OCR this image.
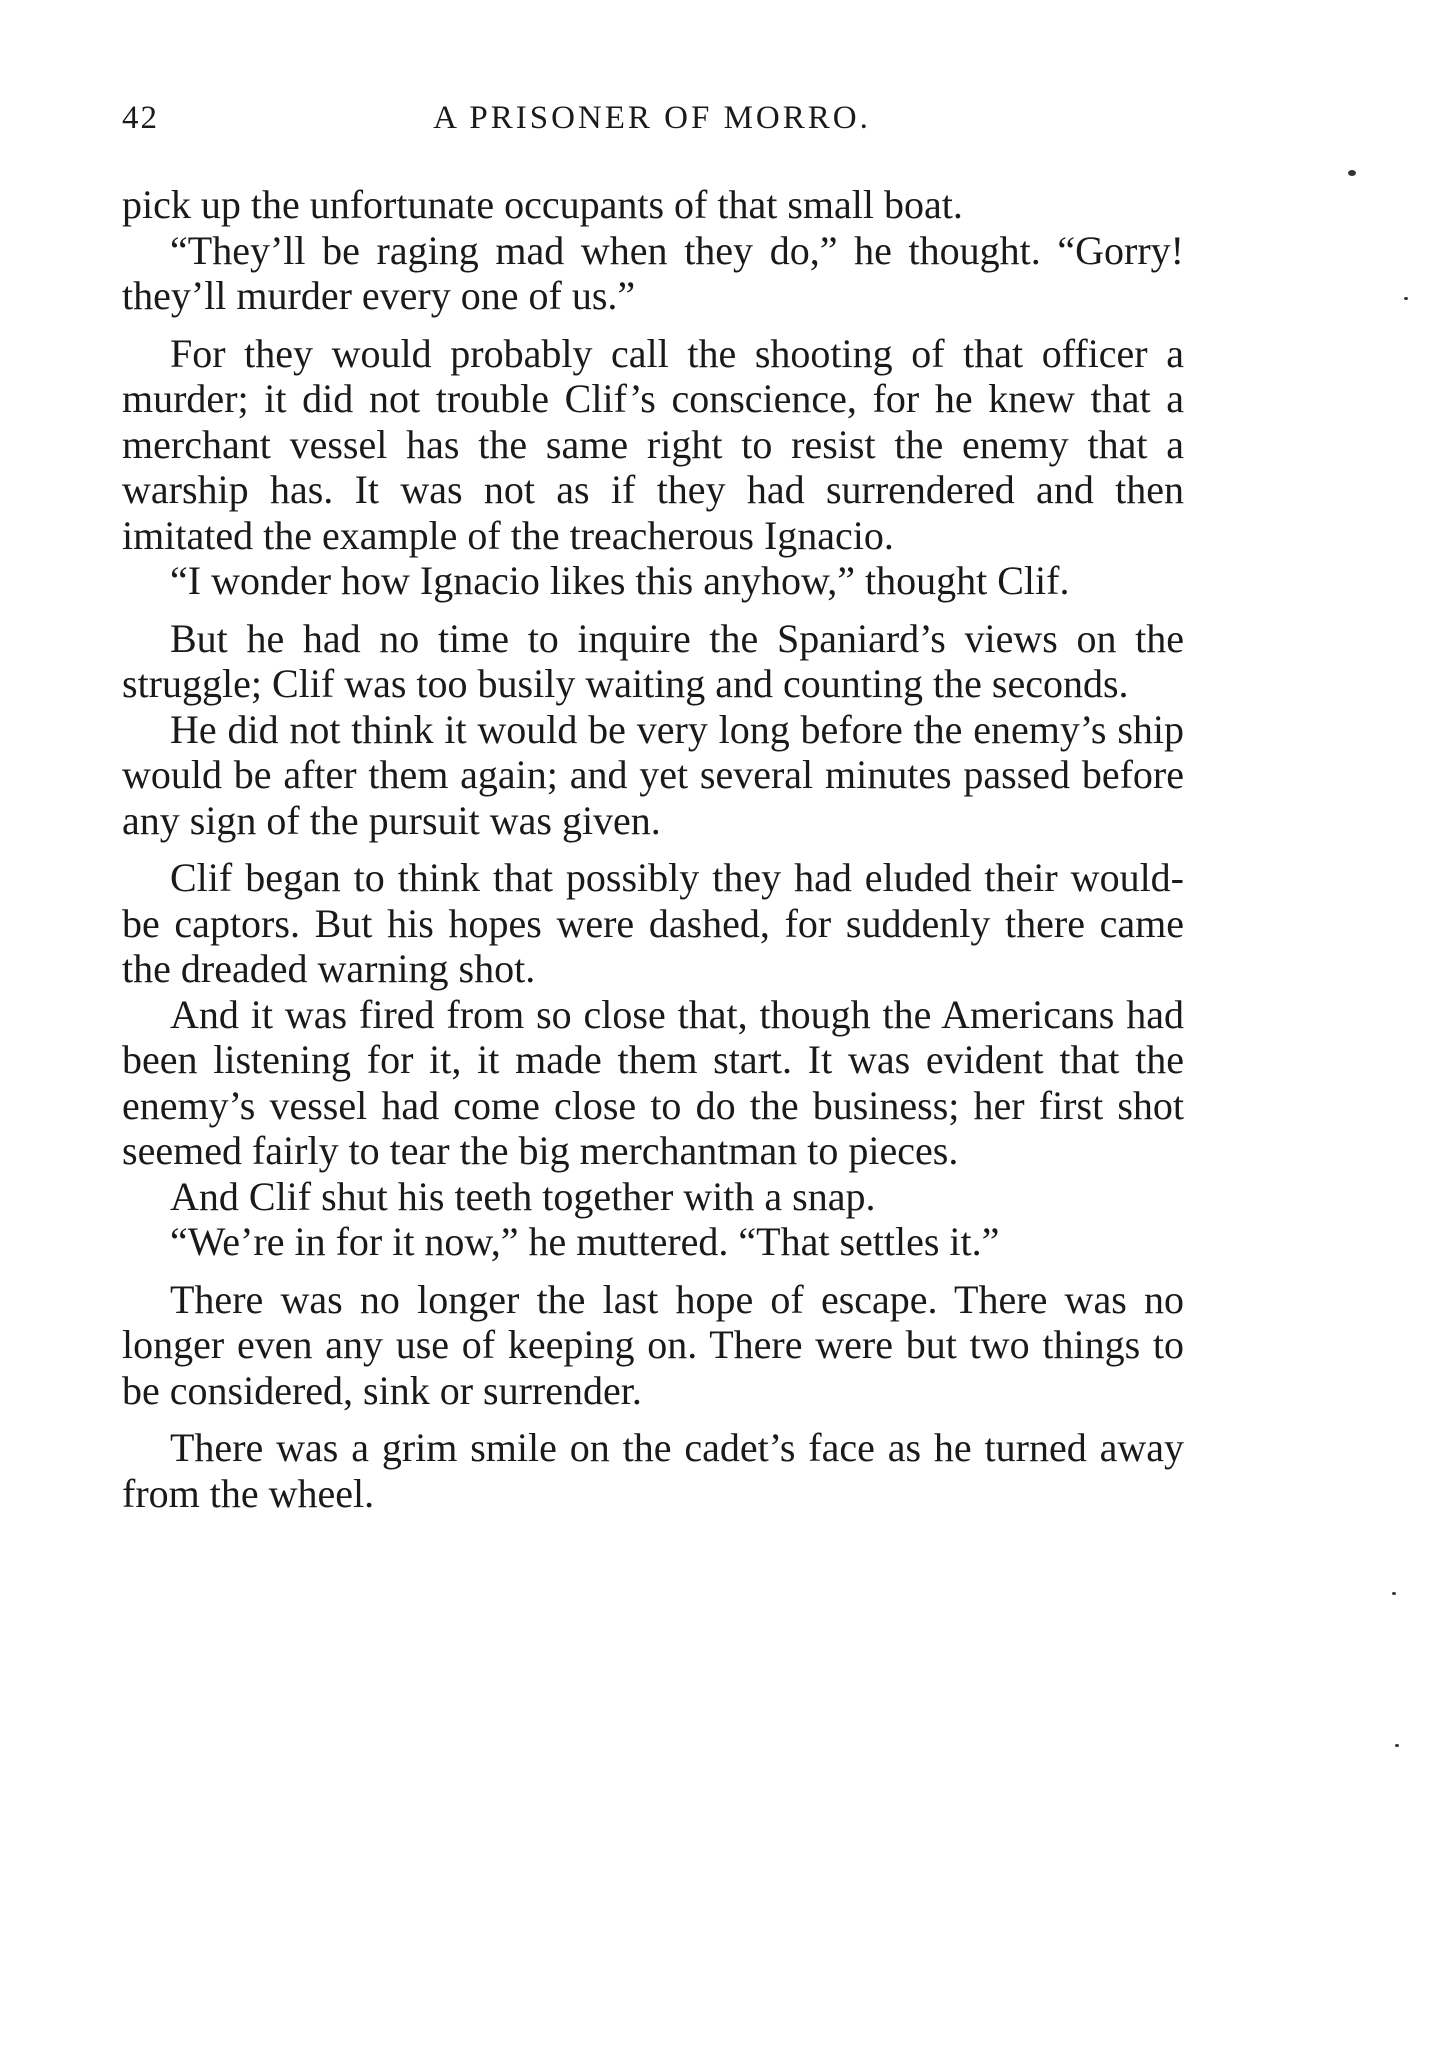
42	A PRISONER OF MORRO.

pick up the unfortunate occupants of that small boat.

“They’ll be raging mad when they do,” he thought. “Gorry! they’ll murder every one of us.”

For they would probably call the shooting of that officer a murder; it did not trouble Clif’s conscience, for he knew that a merchant vessel has the same right to resist the enemy that a warship has. It was not as if they had surrendered and then imitated the example of the treacherous Ignacio.

“I wonder how Ignacio likes this anyhow,” thought Clif.

But he had no time to inquire the Spaniard’s views on the struggle; Clif was too busily waiting and counting the seconds.

He did not think it would be very long before the enemy’s ship would be after them again; and yet several minutes passed before any sign of the pursuit was given.

Clif began to think that possibly they had eluded their would-be captors. But his hopes were dashed, for suddenly there came the dreaded warning shot.

And it was fired from so close that, though the Americans had been listening for it, it made them start. It was evident that the enemy’s vessel had come close to do the business; her first shot seemed fairly to tear the big merchantman to pieces.

And Clif shut his teeth together with a snap.

“We’re in for it now,” he muttered. “That settles it.”

There was no longer the last hope of escape. There was no longer even any use of keeping on. There were but two things to be considered, sink or surrender.

There was a grim smile on the cadet’s face as he turned away from the wheel.
